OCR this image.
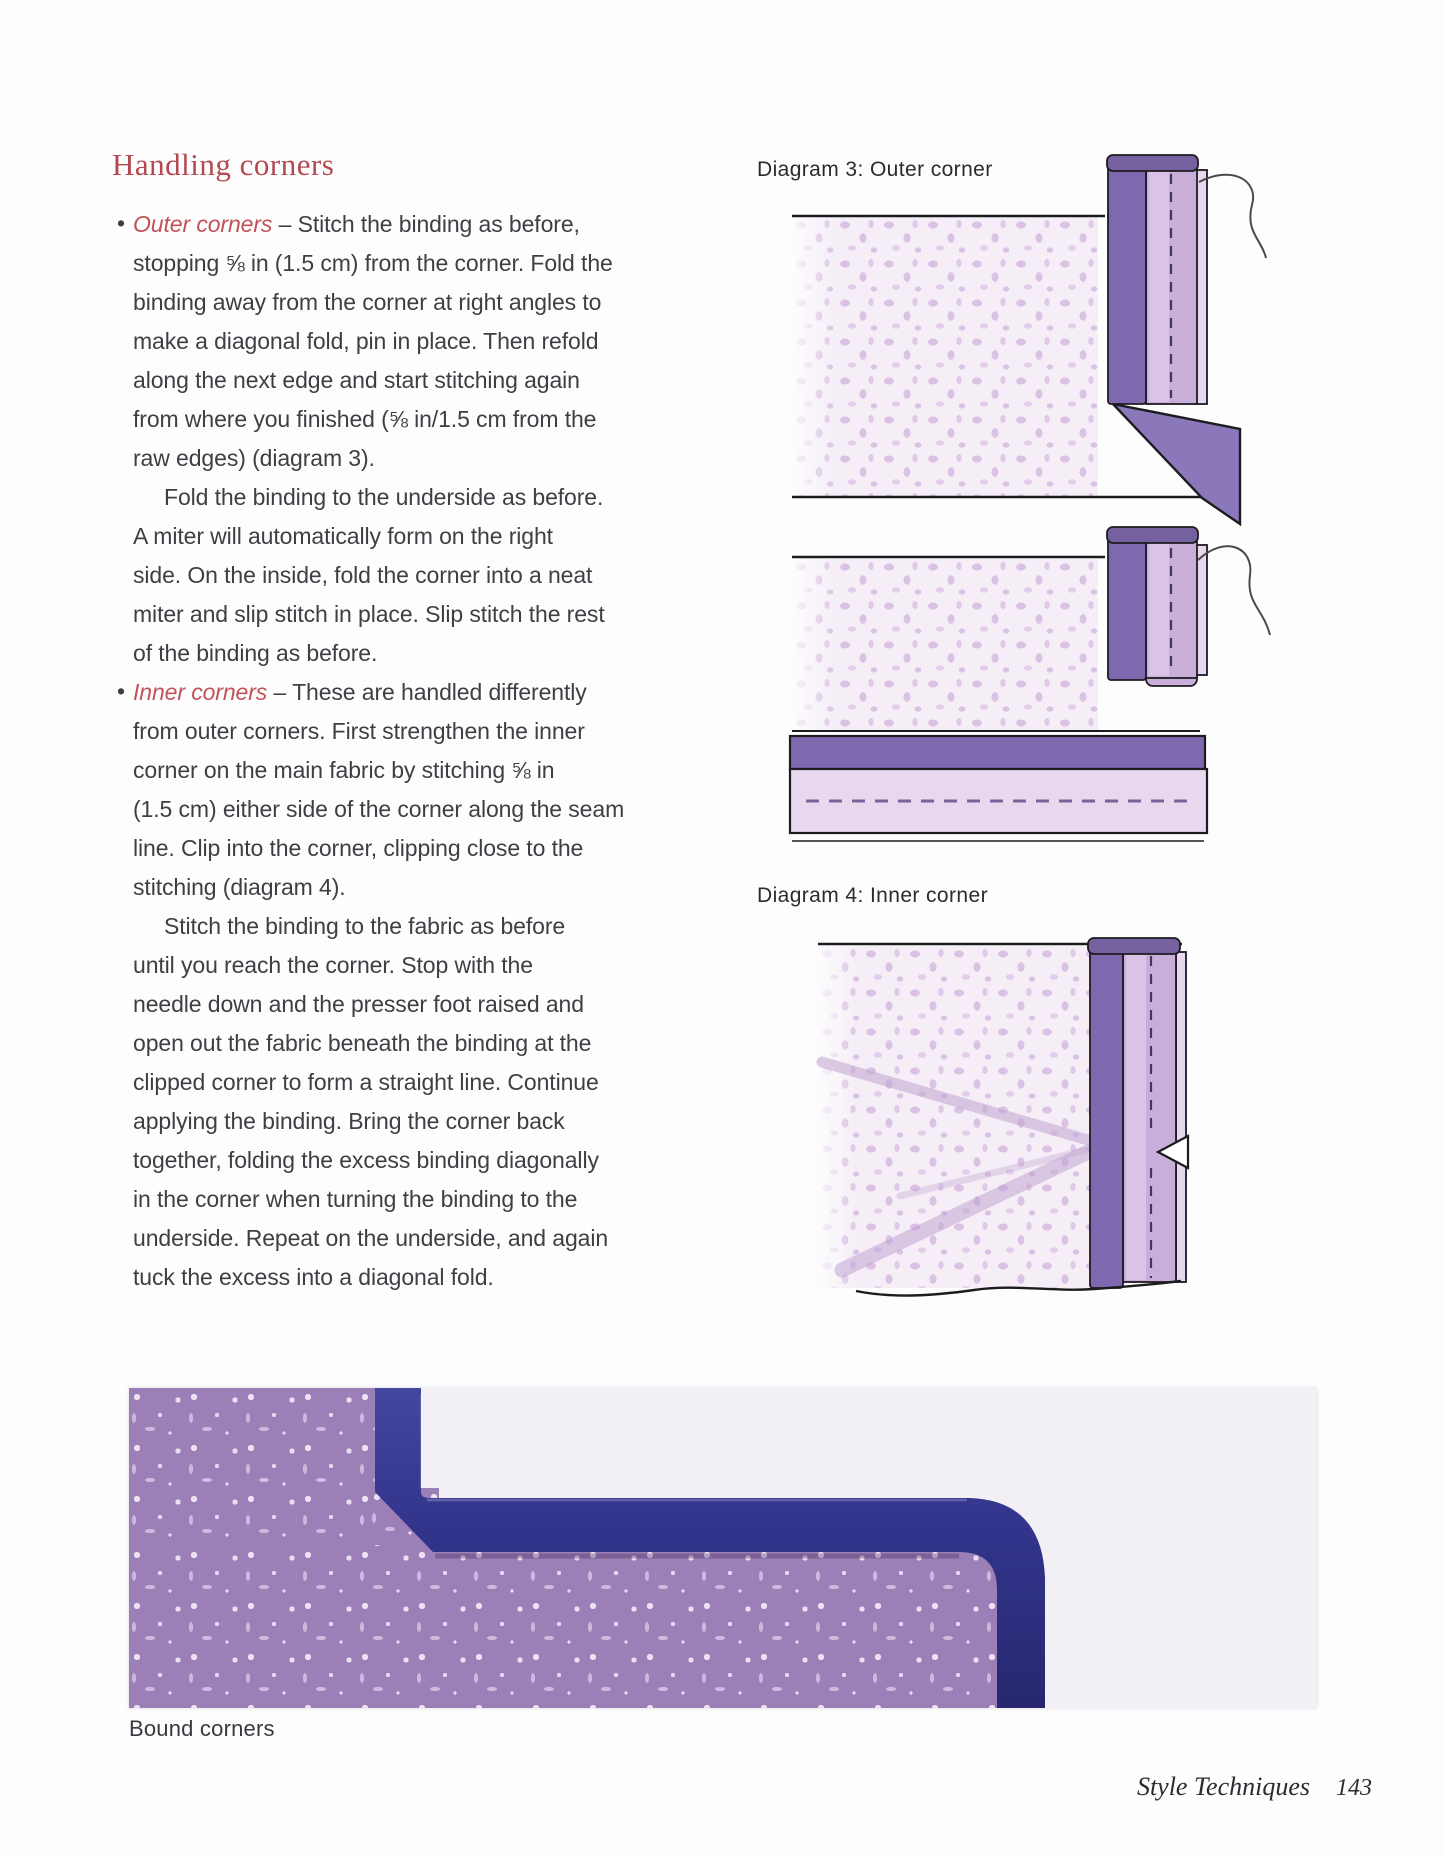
Handling corners
• Outer corners – Stitch the binding as before,
stopping ⅝ in (1.5 cm) from the corner. Fold the
binding away from the corner at right angles to
make a diagonal fold, pin in place. Then refold
along the next edge and start stitching again
from where you finished (⅝ in/1.5 cm from the
raw edges) (diagram 3).
Fold the binding to the underside as before.
A miter will automatically form on the right
side. On the inside, fold the corner into a neat
miter and slip stitch in place. Slip stitch the rest
of the binding as before.
• Inner corners – These are handled differently
from outer corners. First strengthen the inner
corner on the main fabric by stitching ⅝ in
(1.5 cm) either side of the corner along the seam
line. Clip into the corner, clipping close to the
stitching (diagram 4).
Stitch the binding to the fabric as before
until you reach the corner. Stop with the
needle down and the presser foot raised and
open out the fabric beneath the binding at the
clipped corner to form a straight line. Continue
applying the binding. Bring the corner back
together, folding the excess binding diagonally
in the corner when turning the binding to the
underside. Repeat on the underside, and again
tuck the excess into a diagonal fold.
Diagram 3: Outer corner
Diagram 4: Inner corner
Bound corners
Style Techniques 143
